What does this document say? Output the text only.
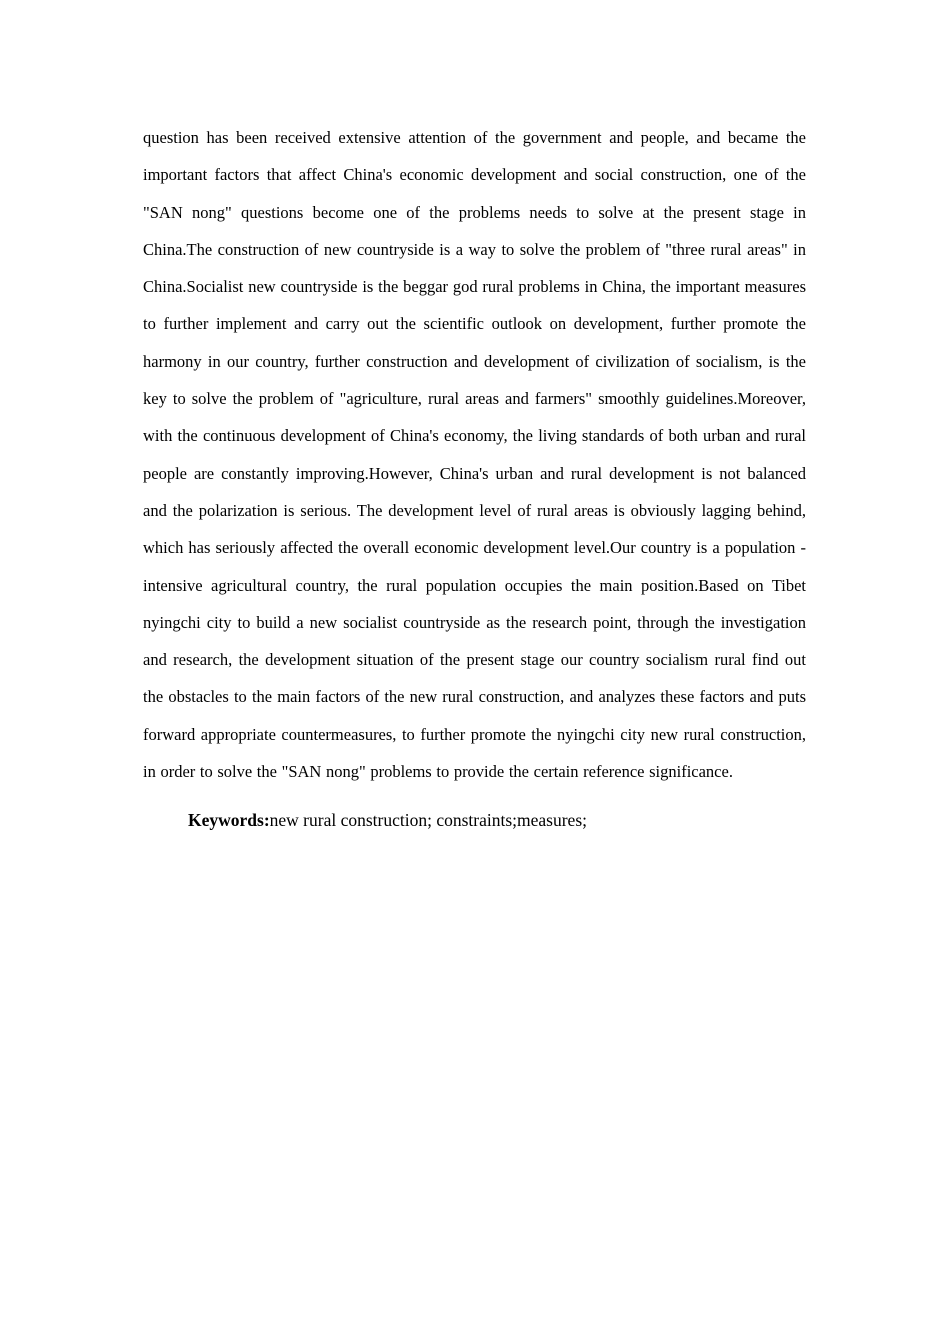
question has been received extensive attention of the government and people, and became the important factors that affect China's economic development and social construction, one of the "SAN nong" questions become one of the problems needs to solve at the present stage in China.The construction of new countryside is a way to solve the problem of "three rural areas" in China.Socialist new countryside is the beggar god rural problems in China, the important measures to further implement and carry out the scientific outlook on development, further promote the harmony in our country, further construction and development of civilization of socialism, is the key to solve the problem of "agriculture, rural areas and farmers" smoothly guidelines.Moreover, with the continuous development of China's economy, the living standards of both urban and rural people are constantly improving.However, China's urban and rural development is not balanced and the polarization is serious. The development level of rural areas is obviously lagging behind, which has seriously affected the overall economic development level.Our country is a population - intensive agricultural country, the rural population occupies the main position.Based on Tibet nyingchi city to build a new socialist countryside as the research point, through the investigation and research, the development situation of the present stage our country socialism rural find out the obstacles to the main factors of the new rural construction, and analyzes these factors and puts forward appropriate countermeasures, to further promote the nyingchi city new rural construction, in order to solve the "SAN nong" problems to provide the certain reference significance.

Keywords:new rural construction; constraints;measures;
